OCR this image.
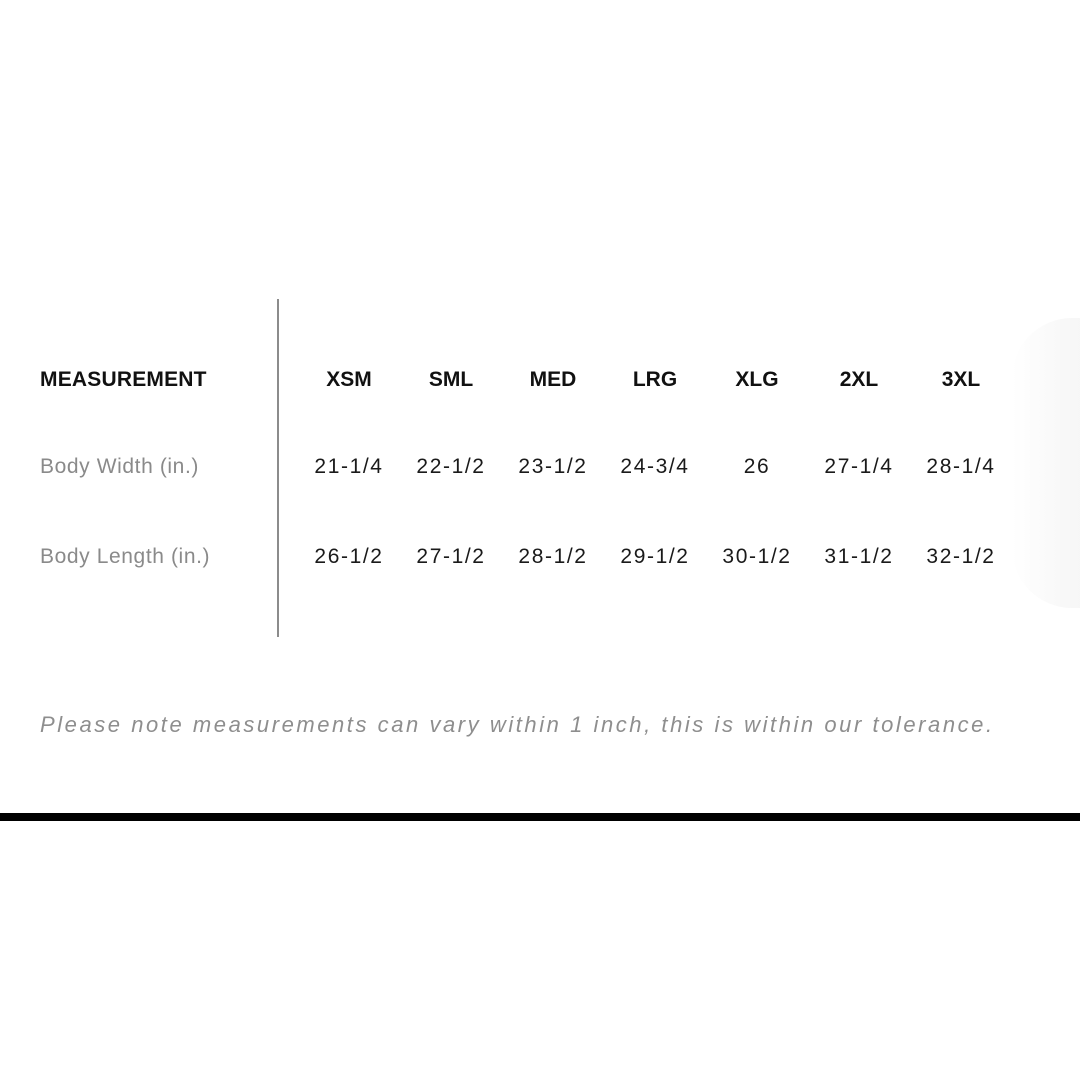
MEASUREMENT	XSM	SML	MED	LRG	XLG	2XL	3XL
Body Width (in.)	21-1/4	22-1/2	23-1/2	24-3/4	26	27-1/4	28-1/4
Body Length (in.)	26-1/2	27-1/2	28-1/2	29-1/2	30-1/2	31-1/2	32-1/2
Please note measurements can vary within 1 inch, this is within our tolerance.
